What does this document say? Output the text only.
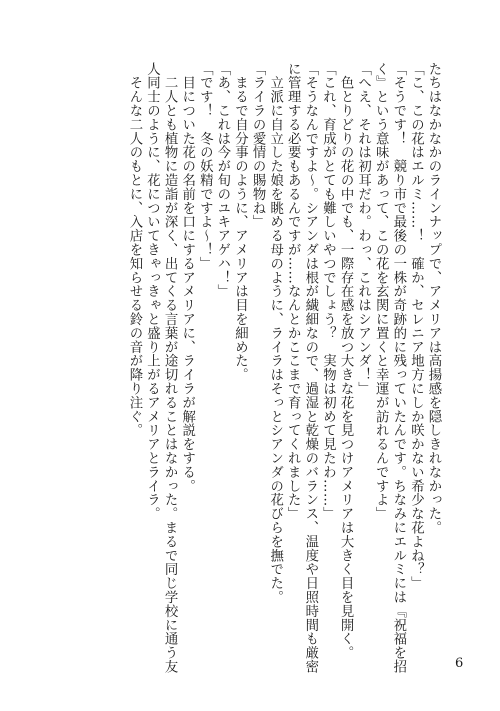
たちはなかなかのラインナップで、アメリアは高揚感を隠しきれなかった。

「こ、この花はエルミ……！　確か、セレニア地方にしか咲かない希少な花よね？」

「そうです！　競り市で最後の一株が奇跡的に残っていたんです。ちなみにエルミには『祝福を招

く』という意味があって、この花を玄関に置くと幸運が訪れるんですよ」

「へえ、それは初耳だわ。わっ、これはシアンダ！」

　色とりどりの花の中でも、一際存在感を放つ大きな花を見つけアメリアは大きく目を見開く。

「これ、育成がとても難しいやつでしょう？　実物は初めて見たわ……」

「そうなんですよ～。シアンダは根が繊細なので、過湿と乾燥のバランス、温度や日照時間も厳密

に管理する必要もあるんですが……なんとかここまで育ってくれました」

　立派に自立した娘を眺める母のように、ライラはそっとシアンダの花びらを撫でた。

「ライラの愛情の賜物ね」

　まるで自分事のように、アメリアは目を細めた。

「あ、これは今が旬のユキアゲハ！」

「です！　冬の妖精ですよ～！」

　目についた花の名前を口にするアメリアに、ライラが解説をする。

　二人とも植物に造詣が深く、出てくる言葉が途切れることはなかった。まるで同じ学校に通う友

人同士のように、花についてきゃっきゃと盛り上がるアメリアとライラ。

　そんな二人のもとに、入店を知らせる鈴の音が降り注ぐ。

6
